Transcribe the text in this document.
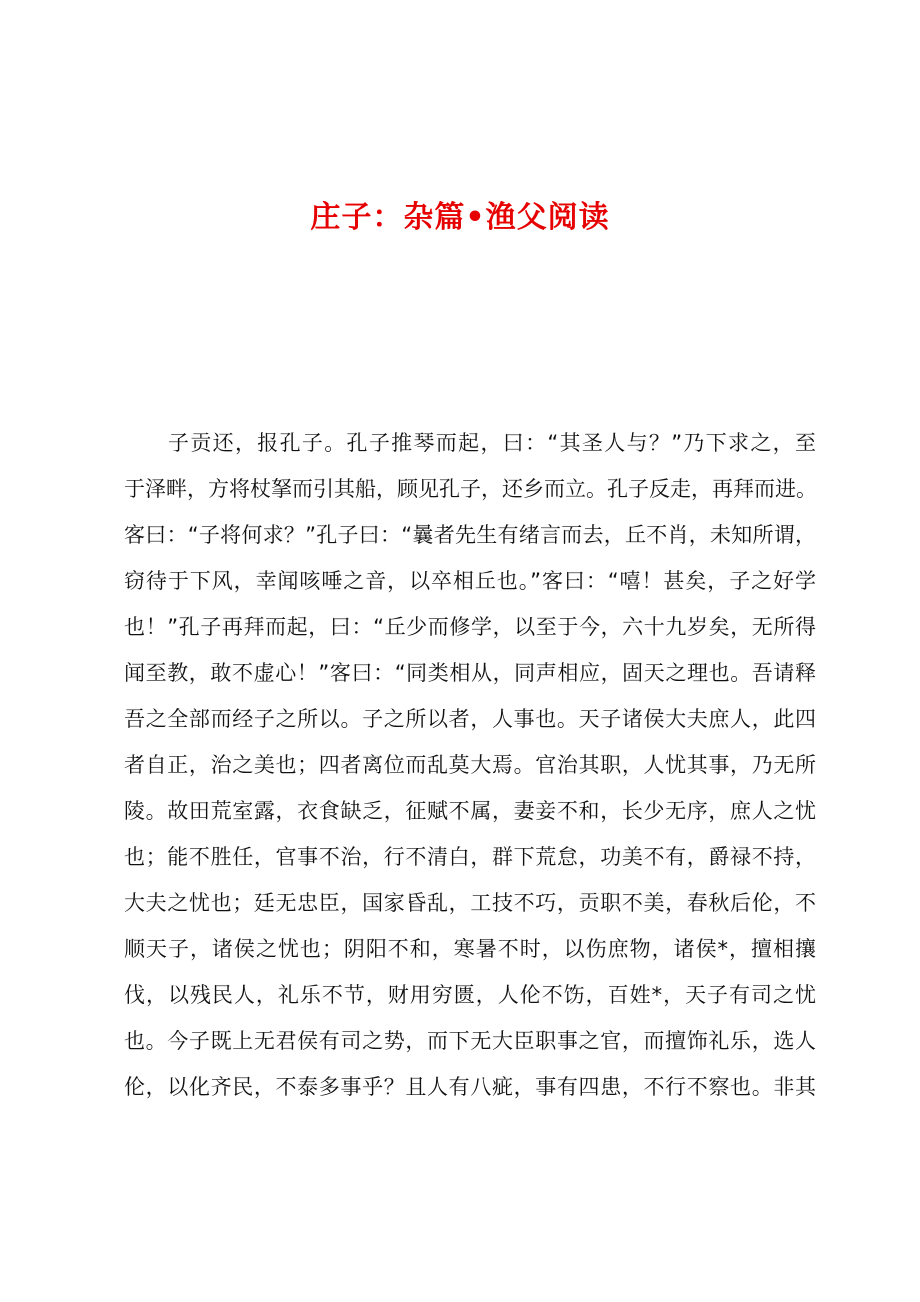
庄子：杂篇•渔父阅读
子贡还，报孔子。孔子推琴而起，曰：“其圣人与？”乃下求之，至
于泽畔，方将杖拏而引其船，顾见孔子，还乡而立。孔子反走，再拜而进。
客曰：“子将何求？”孔子曰：“曩者先生有绪言而去，丘不肖，未知所谓，
窃待于下风，幸闻咳唾之音，以卒相丘也。”客曰：“嘻！甚矣，子之好学
也！”孔子再拜而起，曰：“丘少而修学，以至于今，六十九岁矣，无所得
闻至教，敢不虚心！”客曰：“同类相从，同声相应，固天之理也。吾请释
吾之全部而经子之所以。子之所以者，人事也。天子诸侯大夫庶人，此四
者自正，治之美也；四者离位而乱莫大焉。官治其职，人忧其事，乃无所
陵。故田荒室露，衣食缺乏，征赋不属，妻妾不和，长少无序，庶人之忧
也；能不胜任，官事不治，行不清白，群下荒怠，功美不有，爵禄不持，
大夫之忧也；廷无忠臣，国家昏乱，工技不巧，贡职不美，春秋后伦，不
顺天子，诸侯之忧也；阴阳不和，寒暑不时，以伤庶物，诸侯*，擅相攘
伐，以残民人，礼乐不节，财用穷匮，人伦不饬，百姓*，天子有司之忧
也。今子既上无君侯有司之势，而下无大臣职事之官，而擅饰礼乐，选人
伦，以化齐民，不泰多事乎？且人有八疵，事有四患，不行不察也。非其
